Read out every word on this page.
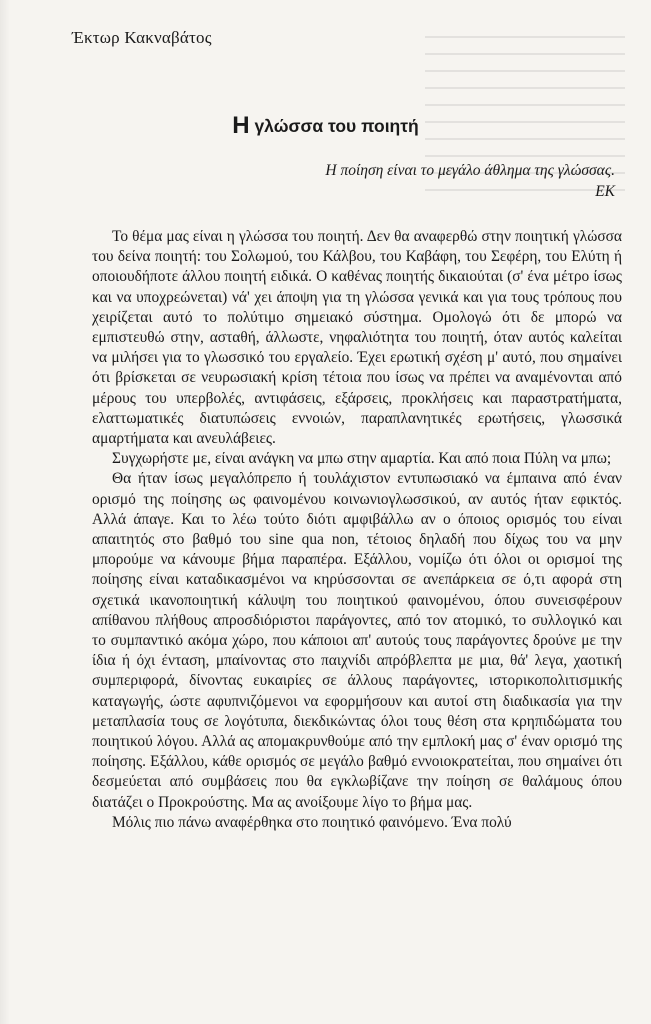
Έκτωρ Κακναβάτος
Η γλώσσα του ποιητή
Η ποίηση είναι το μεγάλο άθλημα της γλώσσας.
ΕΚ

Το θέμα μας είναι η γλώσσα του ποιητή. Δεν θα αναφερθώ στην ποιητική γλώσσα του δείνα ποιητή: του Σολωμού, του Κάλβου, του Καβάφη, του Σεφέρη, του Ελύτη ή οποιουδήποτε άλλου ποιητή ειδικά. Ο καθένας ποιητής δικαιούται (σ' ένα μέτρο ίσως και να υποχρεώνεται) νά' χει άποψη για τη γλώσσα γενικά και για τους τρόπους που χειρίζεται αυτό το πολύτιμο σημειακό σύστημα. Ομολογώ ότι δε μπορώ να εμπιστευθώ στην, ασταθή, άλλωστε, νηφαλιότητα του ποιητή, όταν αυτός καλείται να μιλήσει για το γλωσσικό του εργαλείο. Έχει ερωτική σχέση μ' αυτό, που σημαίνει ότι βρίσκεται σε νευρωσιακή κρίση τέτοια που ίσως να πρέπει να αναμένονται από μέρους του υπερβολές, αντιφάσεις, εξάρσεις, προκλήσεις και παραστρατήματα, ελαττωματικές διατυπώσεις εννοιών, παραπλανητικές ερωτήσεις, γλωσσικά αμαρτήματα και ανευλάβειες.

Συγχωρήστε με, είναι ανάγκη να μπω στην αμαρτία. Και από ποια Πύλη να μπω;

Θα ήταν ίσως μεγαλόπρεπο ή τουλάχιστον εντυπωσιακό να έμπαινα από έναν ορισμό της ποίησης ως φαινομένου κοινωνιογλωσσικού, αν αυτός ήταν εφικτός. Αλλά άπαγε. Και το λέω τούτο διότι αμφιβάλλω αν ο όποιος ορισμός του είναι απαιτητός στο βαθμό του sine qua non, τέτοιος δηλαδή που δίχως του να μην μπορούμε να κάνουμε βήμα παραπέρα. Εξάλλου, νομίζω ότι όλοι οι ορισμοί της ποίησης είναι καταδικασμένοι να κηρύσσονται σε ανεπάρκεια σε ό,τι αφορά στη σχετικά ικανοποιητική κάλυψη του ποιητικού φαινομένου, όπου συνεισφέρουν απίθανου πλήθους απροσδιόριστοι παράγοντες, από τον ατομικό, το συλλογικό και το συμπαντικό ακόμα χώρο, που κάποιοι απ' αυτούς τους παράγοντες δρούνε με την ίδια ή όχι ένταση, μπαίνοντας στο παιχνίδι απρόβλεπτα με μια, θά' λεγα, χαοτική συμπεριφορά, δίνοντας ευκαιρίες σε άλλους παράγοντες, ιστορικοπολιτισμικής καταγωγής, ώστε αφυπνιζόμενοι να εφορμήσουν και αυτοί στη διαδικασία για την μεταπλασία τους σε λογότυπα, διεκδικώντας όλοι τους θέση στα κρηπιδώματα του ποιητικού λόγου. Αλλά ας απομακρυνθούμε από την εμπλοκή μας σ' έναν ορισμό της ποίησης. Εξάλλου, κάθε ορισμός σε μεγάλο βαθμό εννοιοκρατείται, που σημαίνει ότι δεσμεύεται από συμβάσεις που θα εγκλωβίζανε την ποίηση σε θαλάμους όπου διατάζει ο Προκρούστης. Μα ας ανοίξουμε λίγο το βήμα μας.

Μόλις πιο πάνω αναφέρθηκα στο ποιητικό φαινόμενο. Ένα πολύ
